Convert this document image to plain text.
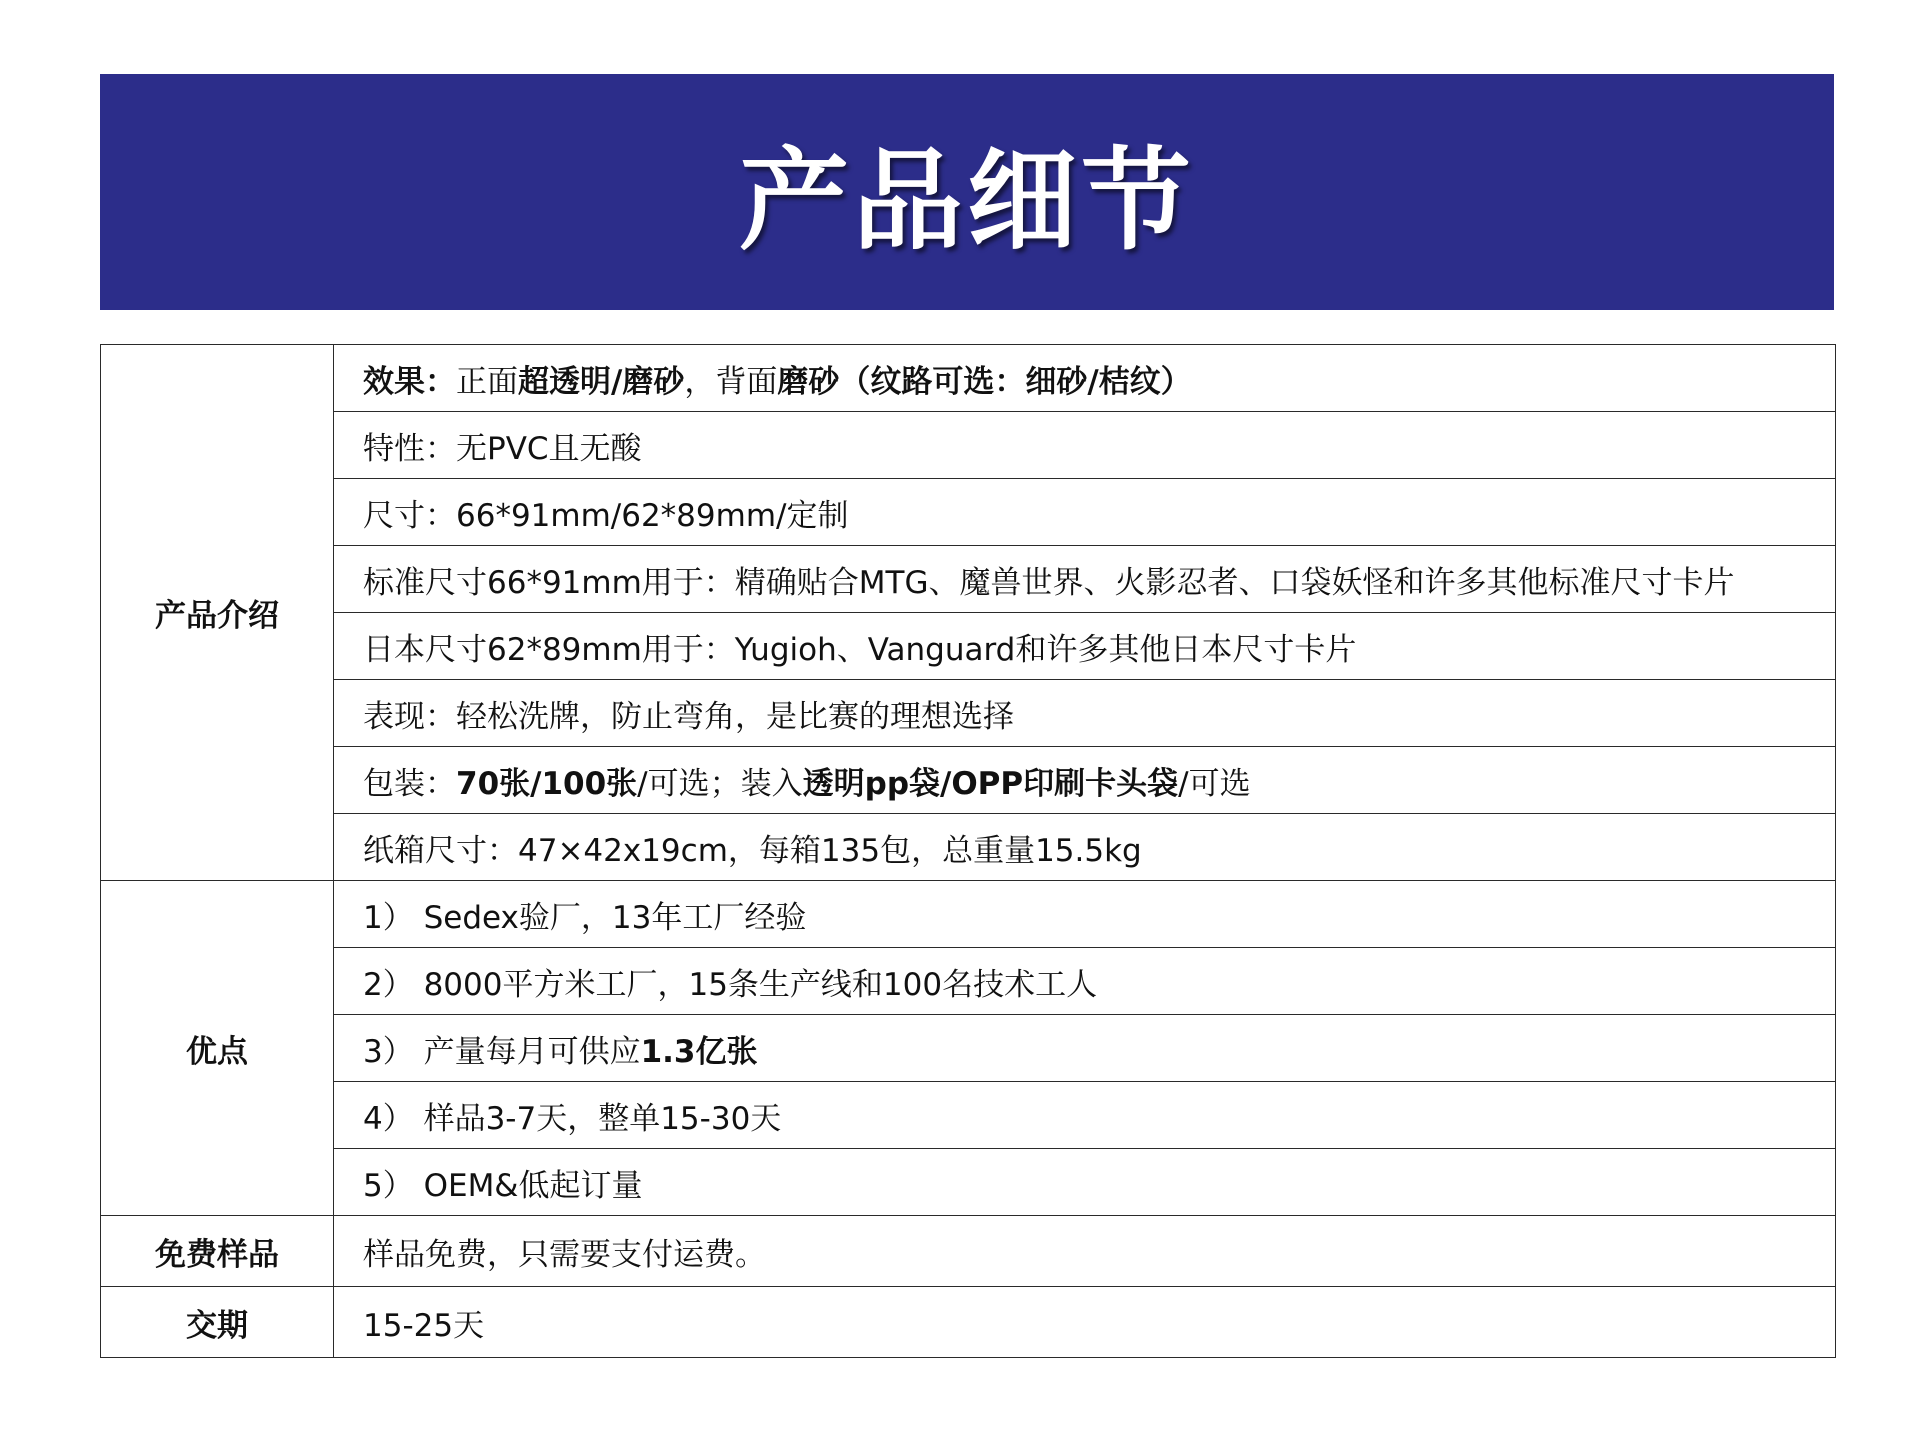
产品细节
产品介绍	效果：正面超透明/磨砂，背面磨砂（纹路可选：细砂/桔纹）
	特性：无PVC且无酸
	尺寸：66*91mm/62*89mm/定制
	标准尺寸66*91mm用于：精确贴合MTG、魔兽世界、火影忍者、口袋妖怪和许多其他标准尺寸卡片
	日本尺寸62*89mm用于：Yugioh、Vanguard和许多其他日本尺寸卡片
	表现：轻松洗牌，防止弯角，是比赛的理想选择
	包装：70张/100张/可选；装入透明pp袋/OPP印刷卡头袋/可选
	纸箱尺寸：47×42x19cm，每箱135包，总重量15.5kg
优点	1） Sedex验厂，13年工厂经验
	2） 8000平方米工厂，15条生产线和100名技术工人
	3） 产量每月可供应1.3亿张
	4） 样品3-7天，整单15-30天
	5） OEM&低起订量
免费样品	样品免费，只需要支付运费。
交期	15-25天
